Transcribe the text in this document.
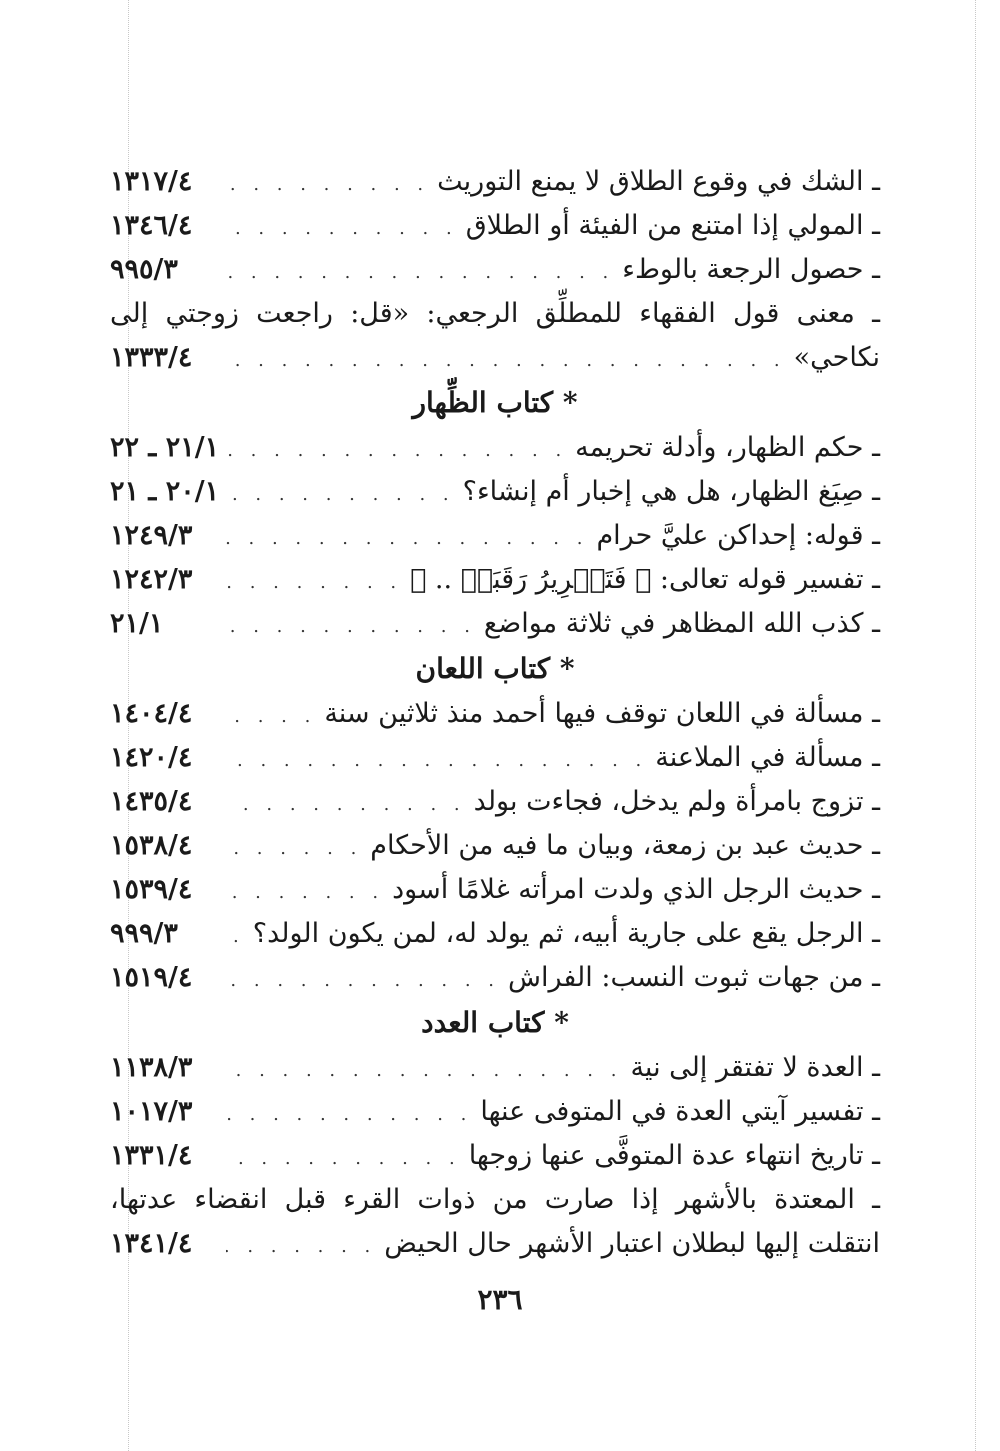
ـ الشك في وقوع الطلاق لا يمنع التوريث
. . .
١٣١٧/٤
ـ المولي إذا امتنع من الفيئة أو الطلاق
. . .
١٣٤٦/٤
ـ حصول الرجعة بالوطء
. . .
٩٩٥/٣
ـ معنى قول الفقهاء للمطلِّق الرجعي: «قل: راجعت زوجتي إلى
نكاحي»
. . .
١٣٣٣/٤
* كتاب الظِّهار
ـ حكم الظهار، وأدلة تحريمه
. . .
٢١/١ ـ ٢٢
ـ صِيَغ الظهار، هل هي إخبار أم إنشاء؟
. . .
٢٠/١ ـ ٢١
ـ قوله: إحداكن عليَّ حرام
. . .
١٢٤٩/٣
ـ تفسير قوله تعالى: ﴿ فَتَحۡرِيرُ رَقَبَةٖ .. ﴾
. . .
١٢٤٢/٣
ـ كذب الله المظاهر في ثلاثة مواضع
. . .
٢١/١
* كتاب اللعان
ـ مسألة في اللعان توقف فيها أحمد منذ ثلاثين سنة
. . .
١٤٠٤/٤
ـ مسألة في الملاعنة
. . .
١٤٢٠/٤
ـ تزوج بامرأة ولم يدخل، فجاءت بولد
. . .
١٤٣٥/٤
ـ حديث عبد بن زمعة، وبيان ما فيه من الأحكام
. . .
١٥٣٨/٤
ـ حديث الرجل الذي ولدت امرأته غلامًا أسود
. . .
١٥٣٩/٤
ـ الرجل يقع على جارية أبيه، ثم يولد له، لمن يكون الولد؟
. . .
٩٩٩/٣
ـ من جهات ثبوت النسب: الفراش
. . .
١٥١٩/٤
* كتاب العدد
ـ العدة لا تفتقر إلى نية
. . .
١١٣٨/٣
ـ تفسير آيتي العدة في المتوفى عنها
. . .
١٠١٧/٣
ـ تاريخ انتهاء عدة المتوفَّى عنها زوجها
. . .
١٣٣١/٤
ـ المعتدة بالأشهر إذا صارت من ذوات القرء قبل انقضاء عدتها،
انتقلت إليها لبطلان اعتبار الأشهر حال الحيض
. . .
١٣٤١/٤
٢٣٦
